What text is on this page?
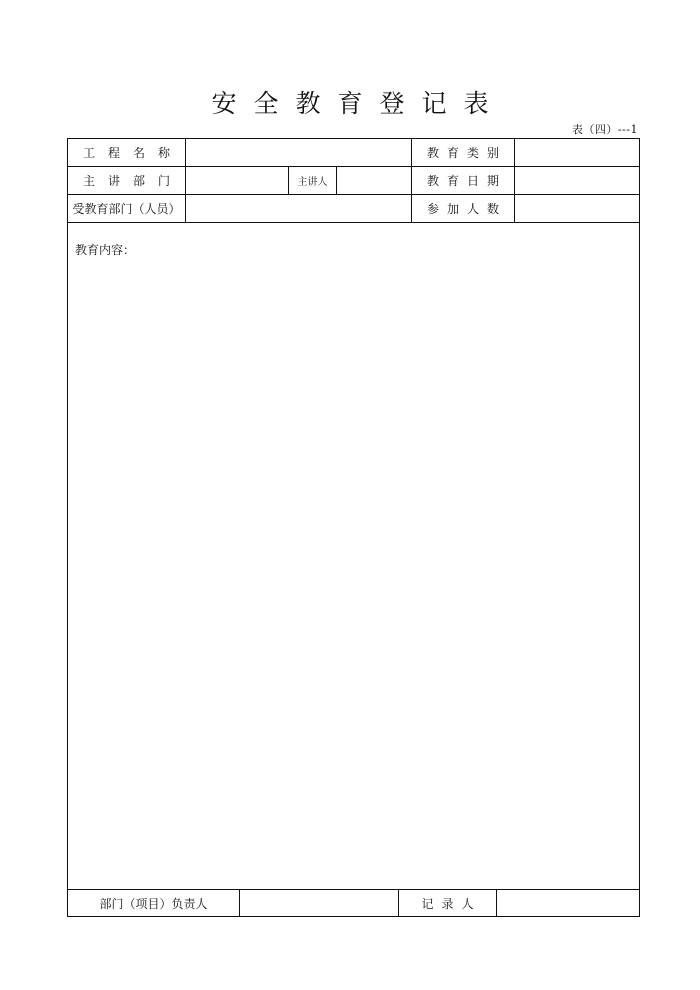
安全教育登记表
表（四）---1
工程名称	教育类别
主讲部门	主讲人	教育日期
受教育部门（人员）	参加人数
教育内容：
部门（项目）负责人	记录人
